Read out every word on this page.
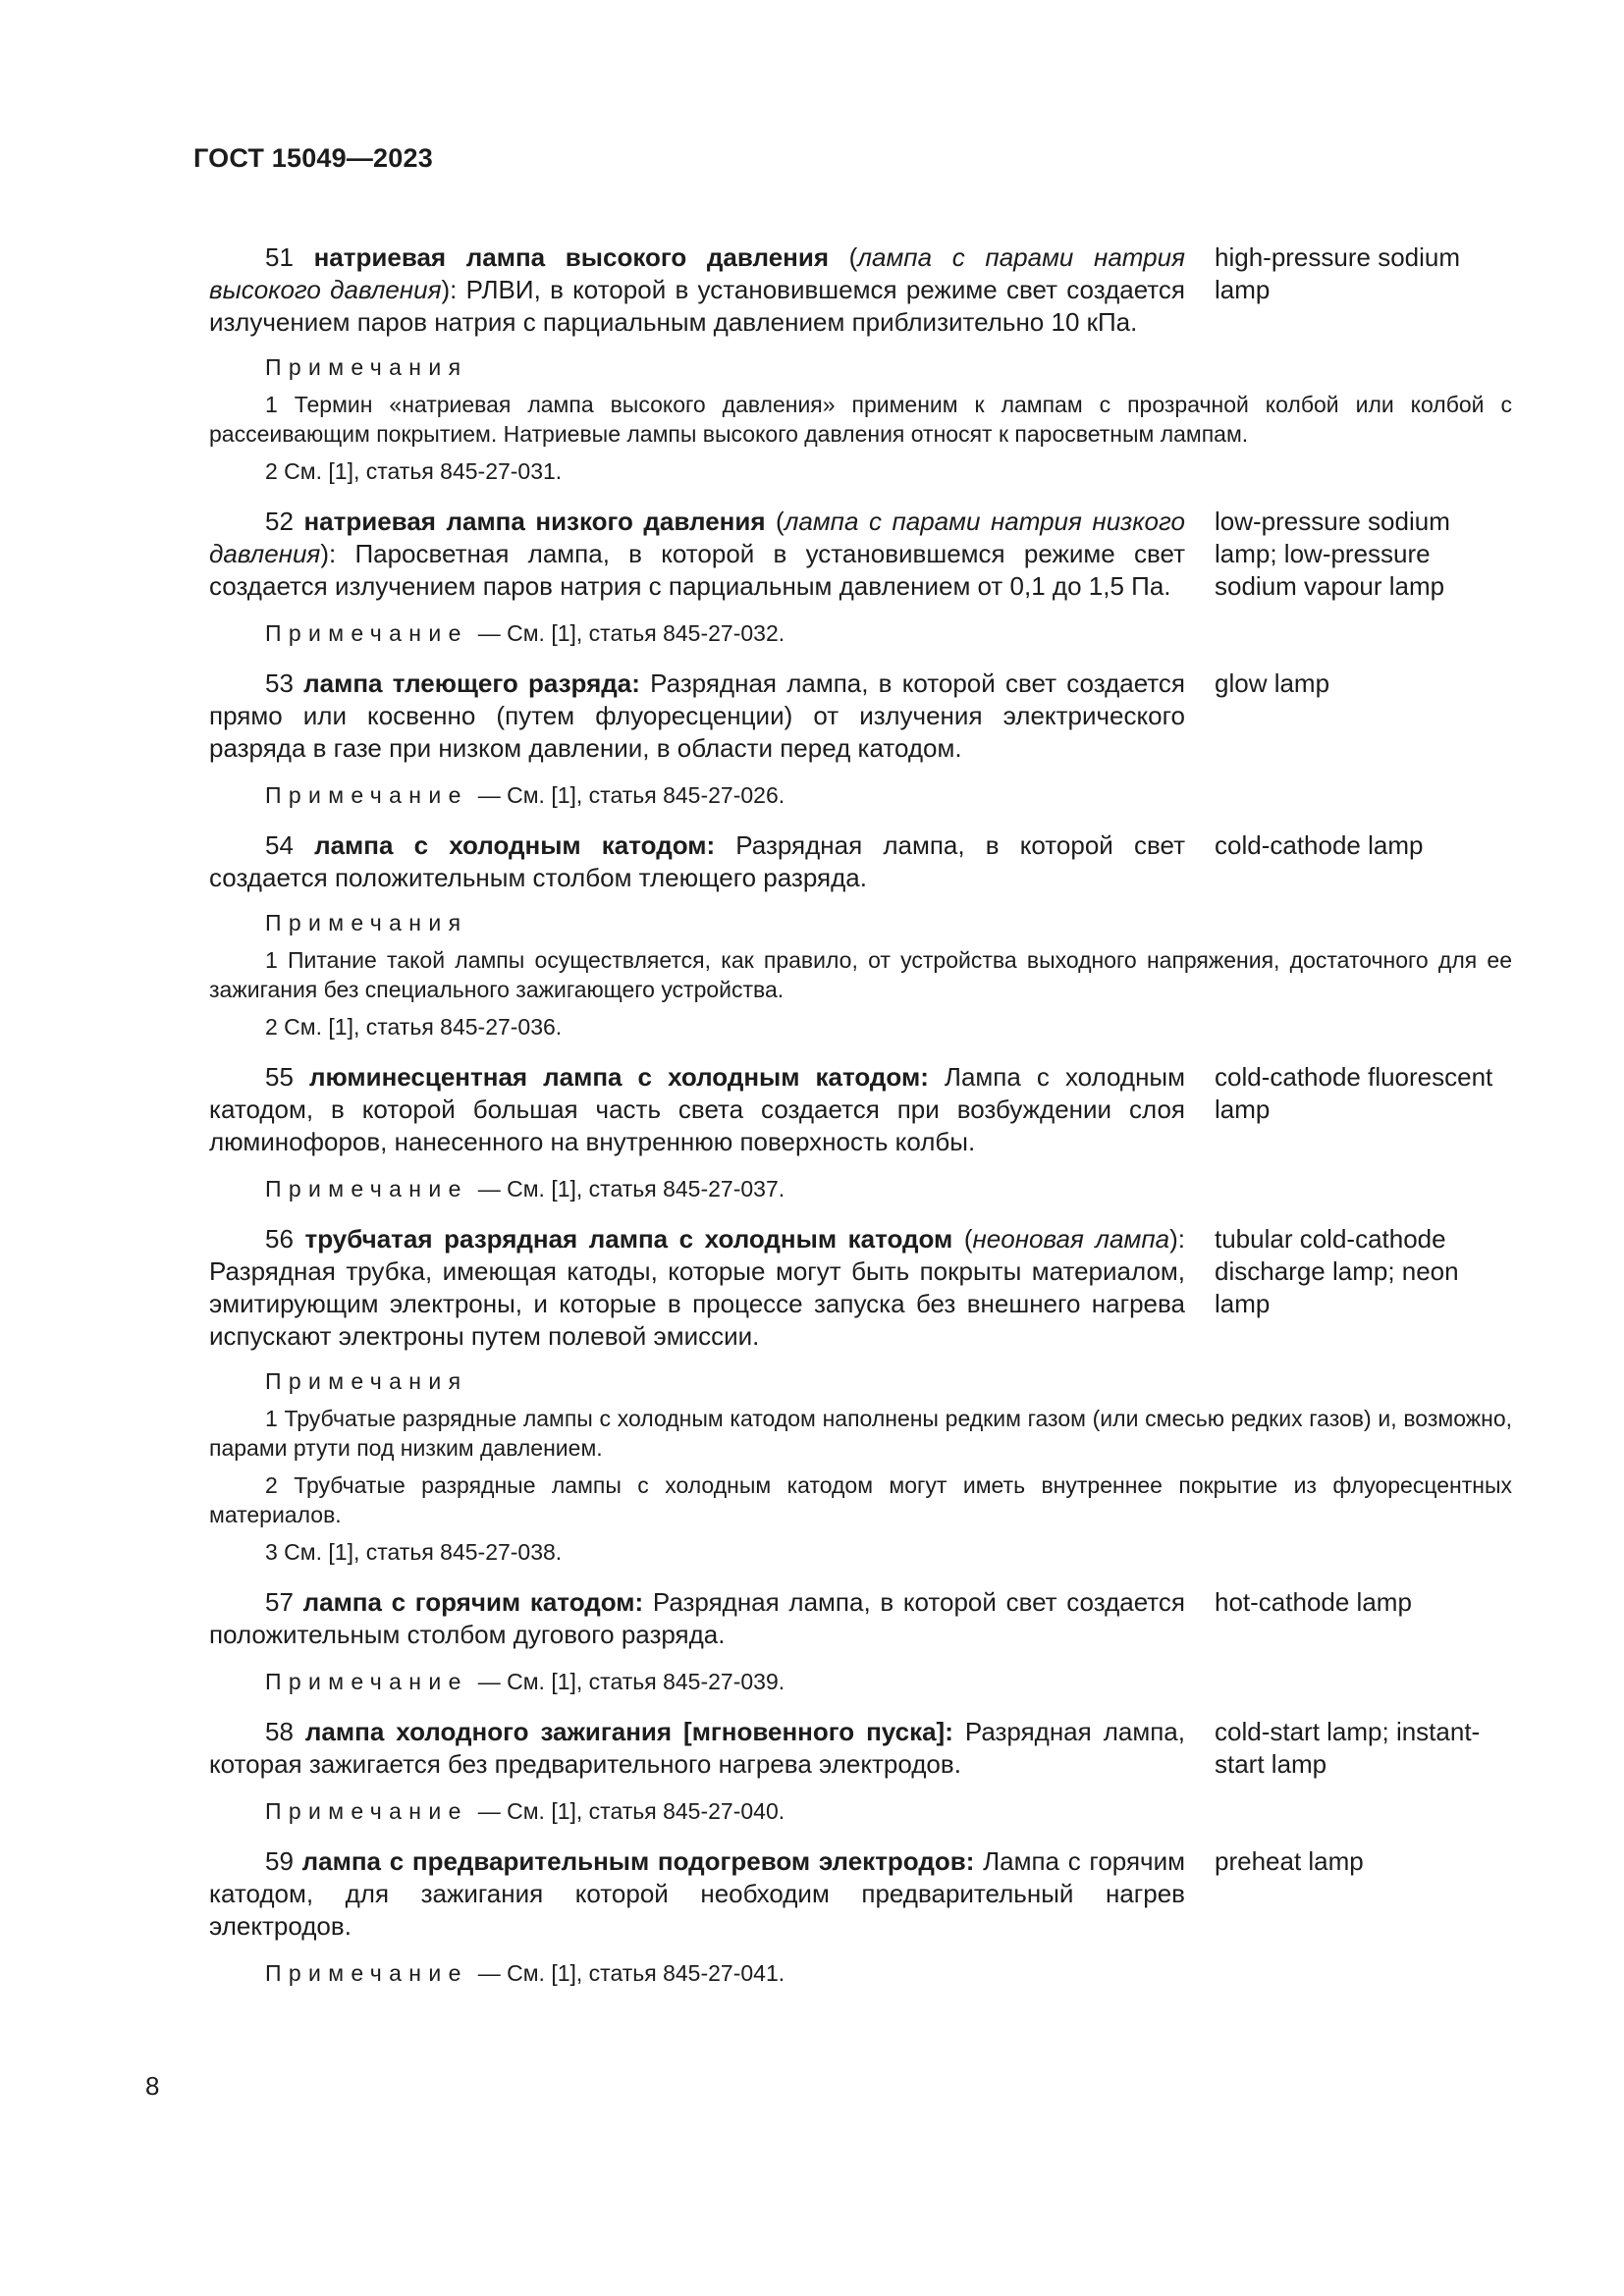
ГОСТ 15049—2023

51 натриевая лампа высокого давления (лампа с парами натрия высокого давления): РЛВИ, в которой в установившемся режиме свет создается излучением паров натрия с парциальным давлением приблизительно 10 кПа.

high-pressure sodium lamp

Примечания

1 Термин «натриевая лампа высокого давления» применим к лампам с прозрачной колбой или колбой с рассеивающим покрытием. Натриевые лампы высокого давления относят к паросветным лампам.

2 См. [1], статья 845-27-031.

52 натриевая лампа низкого давления (лампа с парами натрия низкого давления): Паросветная лампа, в которой в установившемся режиме свет создается излучением паров натрия с парциальным давлением от 0,1 до 1,5 Па.

low-pressure sodium lamp; low-pressure sodium vapour lamp

Примечание — См. [1], статья 845-27-032.

53 лампа тлеющего разряда: Разрядная лампа, в которой свет создается прямо или косвенно (путем флуоресценции) от излучения электрического разряда в газе при низком давлении, в области перед катодом.

glow lamp

Примечание — См. [1], статья 845-27-026.

54 лампа с холодным катодом: Разрядная лампа, в которой свет создается положительным столбом тлеющего разряда.

cold-cathode lamp

Примечания

1 Питание такой лампы осуществляется, как правило, от устройства выходного напряжения, достаточного для ее зажигания без специального зажигающего устройства.

2 См. [1], статья 845-27-036.

55 люминесцентная лампа с холодным катодом: Лампа с холодным катодом, в которой большая часть света создается при возбуждении слоя люминофоров, нанесенного на внутреннюю поверхность колбы.

cold-cathode fluorescent lamp

Примечание — См. [1], статья 845-27-037.

56 трубчатая разрядная лампа с холодным катодом (неоновая лампа): Разрядная трубка, имеющая катоды, которые могут быть покрыты материалом, эмитирующим электроны, и которые в процессе запуска без внешнего нагрева испускают электроны путем полевой эмиссии.

tubular cold-cathode discharge lamp; neon lamp

Примечания

1 Трубчатые разрядные лампы с холодным катодом наполнены редким газом (или смесью редких газов) и, возможно, парами ртути под низким давлением.

2 Трубчатые разрядные лампы с холодным катодом могут иметь внутреннее покрытие из флуоресцентных материалов.

3 См. [1], статья 845-27-038.

57 лампа с горячим катодом: Разрядная лампа, в которой свет создается положительным столбом дугового разряда.

hot-cathode lamp

Примечание — См. [1], статья 845-27-039.

58 лампа холодного зажигания [мгновенного пуска]: Разрядная лампа, которая зажигается без предварительного нагрева электродов.

cold-start lamp; instant-start lamp

Примечание — См. [1], статья 845-27-040.

59 лампа с предварительным подогревом электродов: Лампа с горячим катодом, для зажигания которой необходим предварительный нагрев электродов.

preheat lamp

Примечание — См. [1], статья 845-27-041.

8
